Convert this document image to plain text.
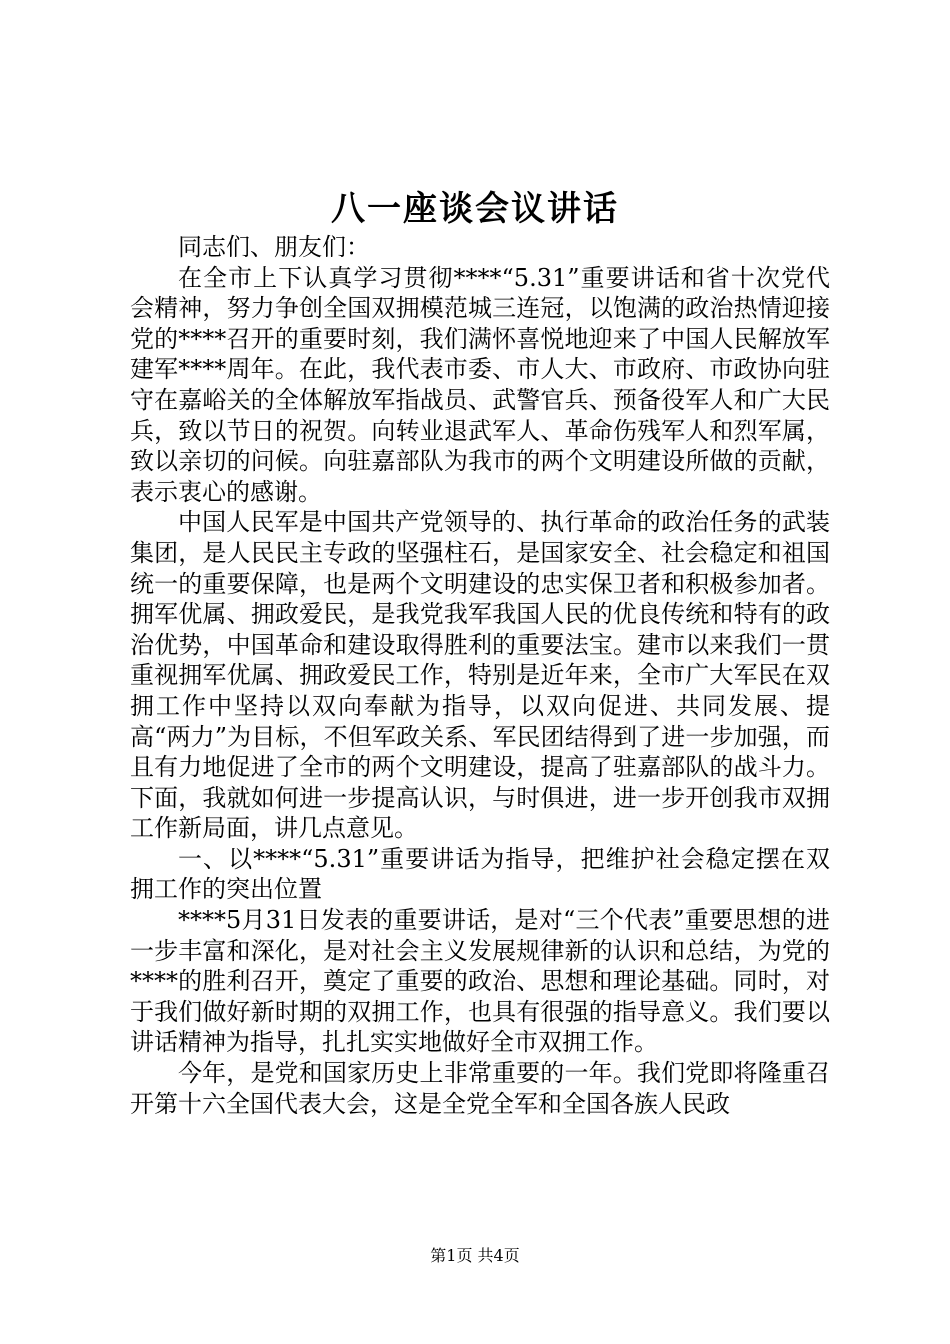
八一座谈会议讲话

同志们、朋友们：

在全市上下认真学习贯彻****“5.31”重要讲话和省十次党代会精神，努力争创全国双拥模范城三连冠，以饱满的政治热情迎接党的****召开的重要时刻，我们满怀喜悦地迎来了中国人民解放军建军****周年。在此，我代表市委、市人大、市政府、市政协向驻守在嘉峪关的全体解放军指战员、武警官兵、预备役军人和广大民兵，致以节日的祝贺。向转业退武军人、革命伤残军人和烈军属，致以亲切的问候。向驻嘉部队为我市的两个文明建设所做的贡献，表示衷心的感谢。

中国人民军是中国共产党领导的、执行革命的政治任务的武装集团，是人民民主专政的坚强柱石，是国家安全、社会稳定和祖国统一的重要保障，也是两个文明建设的忠实保卫者和积极参加者。拥军优属、拥政爱民，是我党我军我国人民的优良传统和特有的政治优势，中国革命和建设取得胜利的重要法宝。建市以来我们一贯重视拥军优属、拥政爱民工作，特别是近年来，全市广大军民在双拥工作中坚持以双向奉献为指导，以双向促进、共同发展、提高“两力”为目标，不但军政关系、军民团结得到了进一步加强，而且有力地促进了全市的两个文明建设，提高了驻嘉部队的战斗力。下面，我就如何进一步提高认识，与时俱进，进一步开创我市双拥工作新局面，讲几点意见。

一、以****“5.31”重要讲话为指导，把维护社会稳定摆在双拥工作的突出位置

****5月31日发表的重要讲话，是对“三个代表”重要思想的进一步丰富和深化，是对社会主义发展规律新的认识和总结，为党的****的胜利召开，奠定了重要的政治、思想和理论基础。同时，对于我们做好新时期的双拥工作，也具有很强的指导意义。我们要以讲话精神为指导，扎扎实实地做好全市双拥工作。

今年，是党和国家历史上非常重要的一年。我们党即将隆重召开第十六全国代表大会，这是全党全军和全国各族人民政

第1页 共4页
